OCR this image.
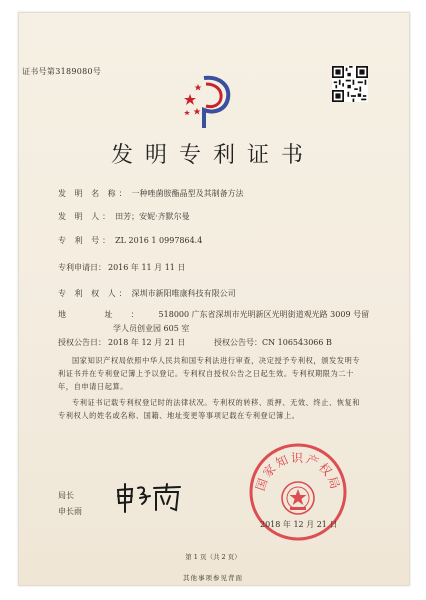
证书号第3189080号
发明专利证书
发 明 名 称： 一种唑菌胺酯晶型及其制备方法
发 明 人： 田芳；安妮·齐默尔曼
专 利 号： ZL 2016 1 0997864.4
专利申请日： 2016 年 11 月 11 日
专 利 权 人： 深圳市新阳唯康科技有限公司
地 址： 518000 广东省深圳市光明新区光明街道观光路 3009 号留
学人员创业园 605 室
授权公告日： 2018 年 12 月 21 日	授权公告号：CN 106543066 B
国家知识产权局依照中华人民共和国专利法进行审查，决定授予专利权，颁发发明专利证书并在专利登记簿上予以登记。专利权自授权公告之日起生效。专利权期限为二十年，自申请日起算。
专利证书记载专利权登记时的法律状况。专利权的转移、质押、无效、终止、恢复和专利权人的姓名或名称、国籍、地址变更等事项记载在专利登记簿上。
局长
申长雨
国家知识产权局
2018 年 12 月 21 日
第 1 页（共 2 页）
其他事项参见背面
